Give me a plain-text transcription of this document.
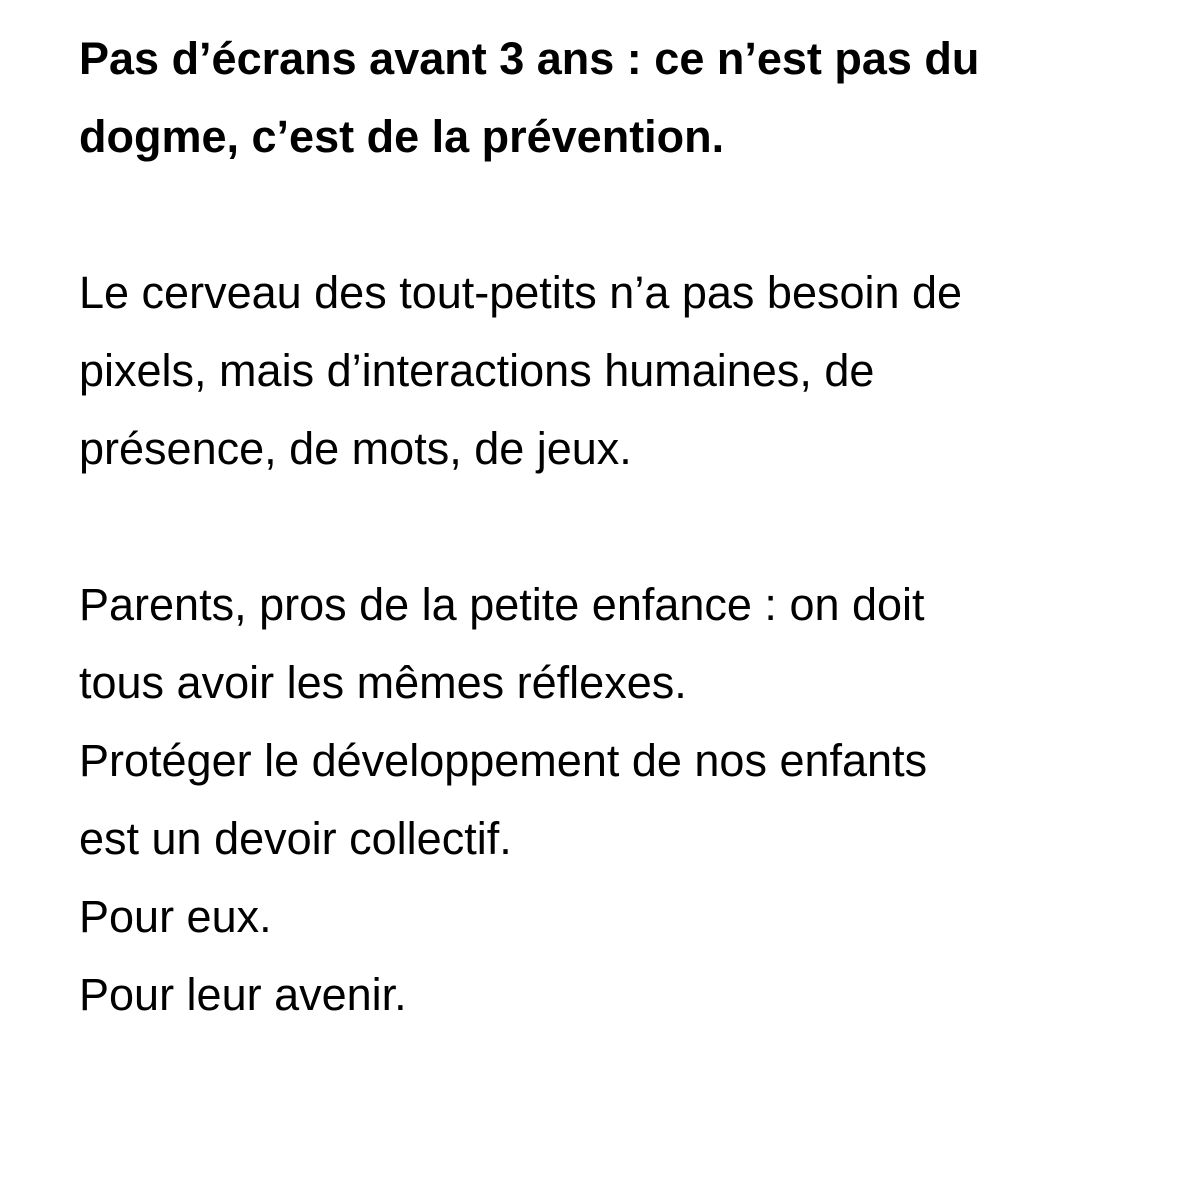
Pas d’écrans avant 3 ans : ce n’est pas du

dogme, c’est de la prévention.

Le cerveau des tout-petits n’a pas besoin de

pixels, mais d’interactions humaines, de

présence, de mots, de jeux.

Parents, pros de la petite enfance : on doit

tous avoir les mêmes réflexes.

Protéger le développement de nos enfants

est un devoir collectif.

Pour eux.

Pour leur avenir.
